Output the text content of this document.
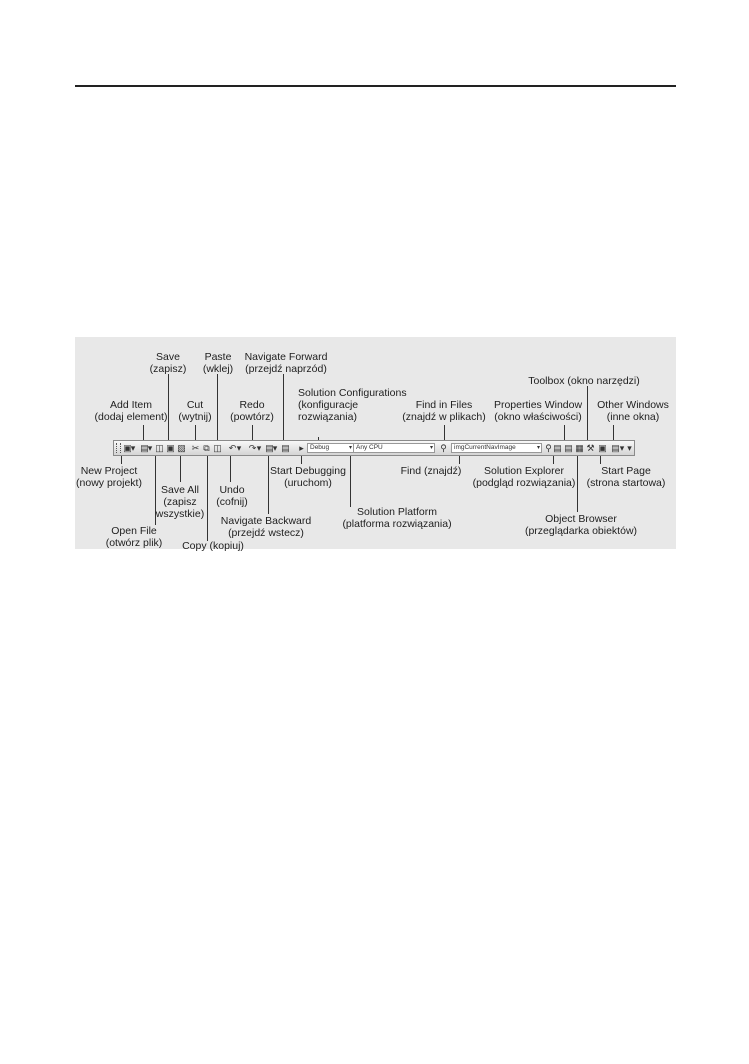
Save
(zapisz)
Paste
(wklej)
Navigate Forward
(przejdź naprzód)
Add Item
(dodaj element)
Cut
(wytnij)
Redo
(powtórz)
Solution Configurations
(konfiguracje
rozwiązania)
Find in Files
(znajdź w plikach)
Properties Window
(okno właściwości)
Toolbox (okno narzędzi)
Other Windows
(inne okna)
New Project
(nowy projekt)
Save All
(zapisz
wszystkie)
Undo
(cofnij)
Start Debugging
(uruchom)
Find (znajdź)	Solution Explorer
(podgląd rozwiązania)
Start Page
(strona startowa)
Open File
(otwórz plik)
Navigate Backward
(przejdź wstecz)
Solution Platform
(platforma rozwiązania)	Object Browser
(przeglądarka obiektów)
Copy (kopiuj)
▣
▾ ▤
▾ ◫ ▣ ▧ ✂ ⧉ ◫ ↶ ▾ ↷ ▾ ▤
▾ ▤	▸ Debug	▾ Any CPU	▾ ⚲	imgCurrentNavImage	▾ ⚲ ▤ ▤ ▦ ⚒ ▣ ▤ ▾ ▾
